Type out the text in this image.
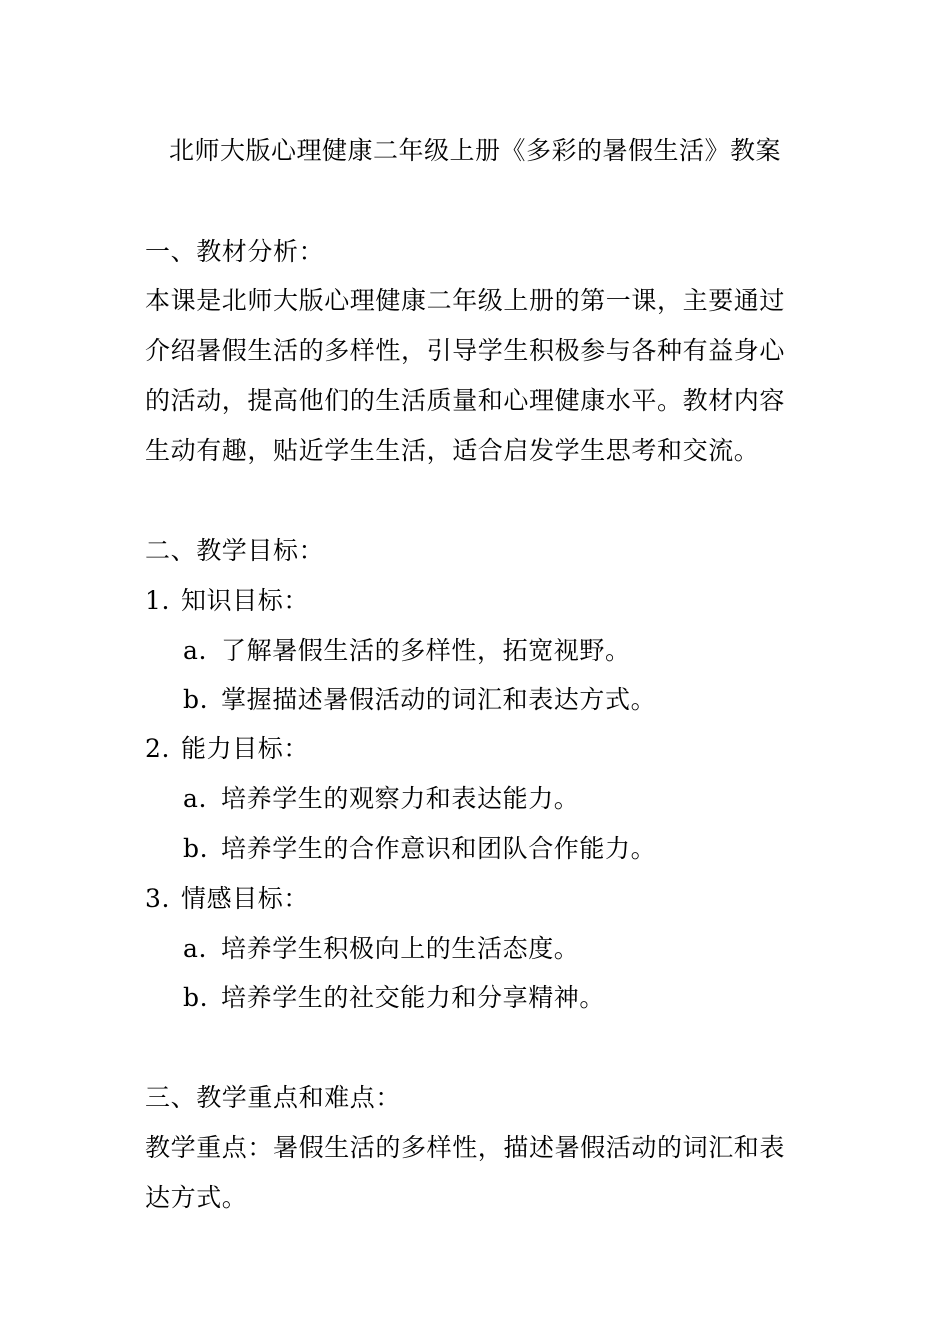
北师大版心理健康二年级上册《多彩的暑假生活》教案
一、教材分析：
本课是北师大版心理健康二年级上册的第一课，主要通过
介绍暑假生活的多样性，引导学生积极参与各种有益身心
的活动，提高他们的生活质量和心理健康水平。教材内容
生动有趣，贴近学生生活，适合启发学生思考和交流。
二、教学目标：
1. 知识目标：
a. 了解暑假生活的多样性，拓宽视野。
b. 掌握描述暑假活动的词汇和表达方式。
2. 能力目标：
a. 培养学生的观察力和表达能力。
b. 培养学生的合作意识和团队合作能力。
3. 情感目标：
a. 培养学生积极向上的生活态度。
b. 培养学生的社交能力和分享精神。
三、教学重点和难点：
教学重点：暑假生活的多样性，描述暑假活动的词汇和表
达方式。
